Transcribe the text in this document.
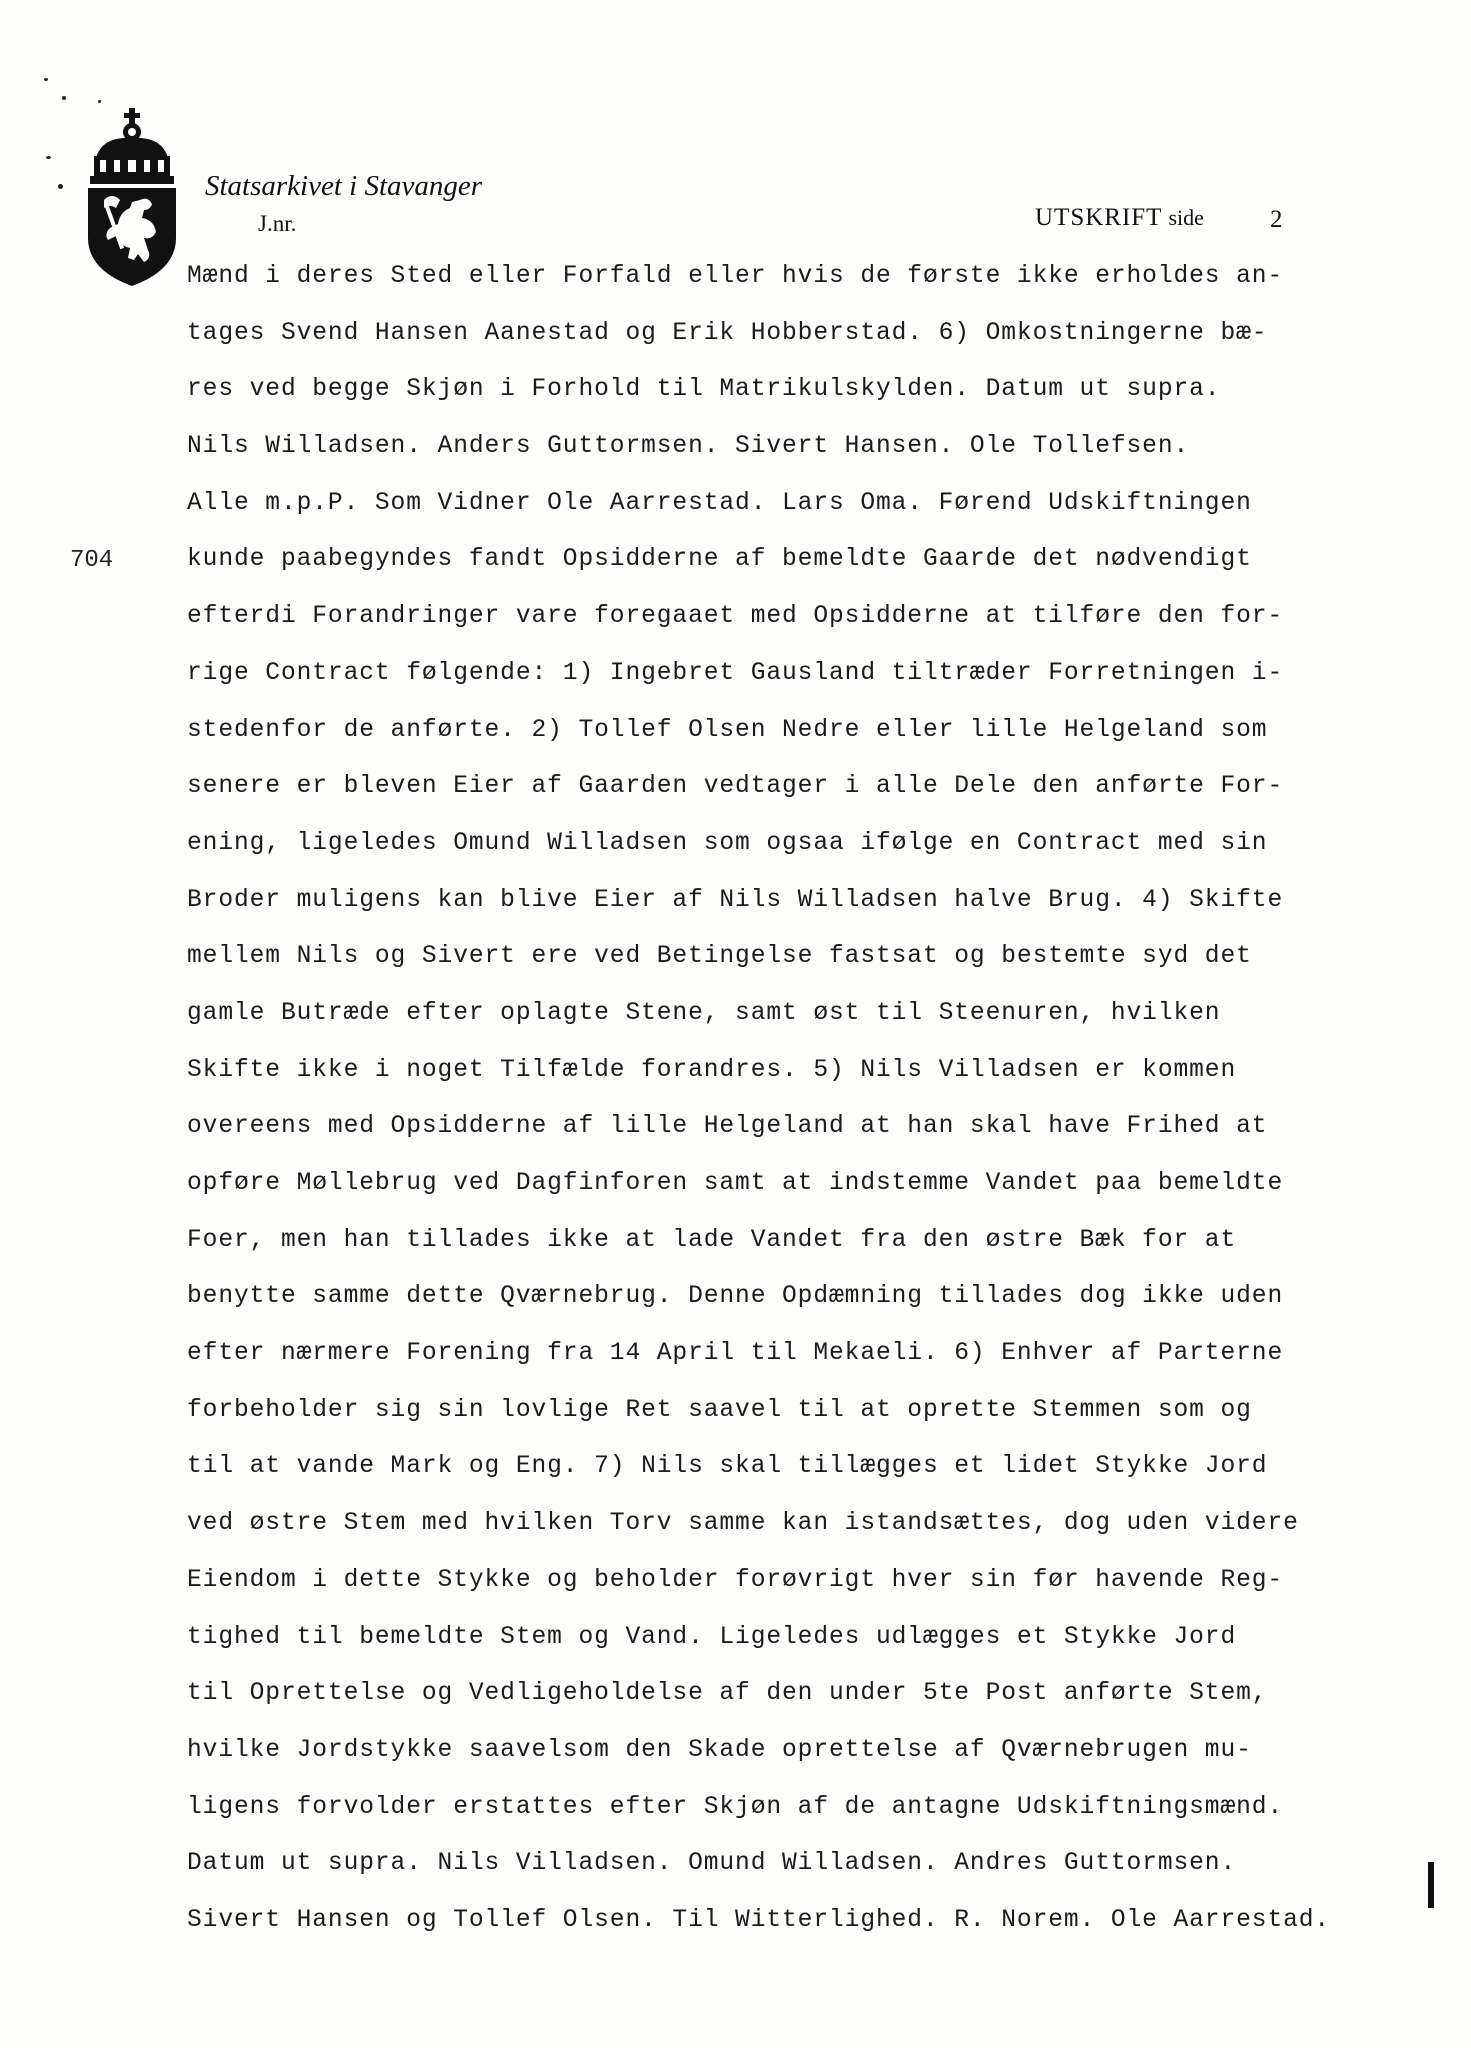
Statsarkivet i Stavanger
J.nr.	UTSKRIFT side	2
704
Mænd i deres Sted eller Forfald eller hvis de første ikke erholdes an-
tages Svend Hansen Aanestad og Erik Hobberstad. 6) Omkostningerne bæ-
res ved begge Skjøn i Forhold til Matrikulskylden. Datum ut supra.
Nils Willadsen. Anders Guttormsen. Sivert Hansen. Ole Tollefsen.
Alle m.p.P. Som Vidner Ole Aarrestad. Lars Oma. Førend Udskiftningen
kunde paabegyndes fandt Opsidderne af bemeldte Gaarde det nødvendigt
efterdi Forandringer vare foregaaet med Opsidderne at tilføre den for-
rige Contract følgende: 1) Ingebret Gausland tiltræder Forretningen i-
stedenfor de anførte. 2) Tollef Olsen Nedre eller lille Helgeland som
senere er bleven Eier af Gaarden vedtager i alle Dele den anførte For-
ening, ligeledes Omund Willadsen som ogsaa ifølge en Contract med sin
Broder muligens kan blive Eier af Nils Willadsen halve Brug. 4) Skifte
mellem Nils og Sivert ere ved Betingelse fastsat og bestemte syd det
gamle Butræde efter oplagte Stene, samt øst til Steenuren, hvilken
Skifte ikke i noget Tilfælde forandres. 5) Nils Villadsen er kommen
overeens med Opsidderne af lille Helgeland at han skal have Frihed at
opføre Møllebrug ved Dagfinforen samt at indstemme Vandet paa bemeldte
Foer, men han tillades ikke at lade Vandet fra den østre Bæk for at
benytte samme dette Qværnebrug. Denne Opdæmning tillades dog ikke uden
efter nærmere Forening fra 14 April til Mekaeli. 6) Enhver af Parterne
forbeholder sig sin lovlige Ret saavel til at oprette Stemmen som og
til at vande Mark og Eng. 7) Nils skal tillægges et lidet Stykke Jord
ved østre Stem med hvilken Torv samme kan istandsættes, dog uden videre
Eiendom i dette Stykke og beholder forøvrigt hver sin før havende Reg-
tighed til bemeldte Stem og Vand. Ligeledes udlægges et Stykke Jord
til Oprettelse og Vedligeholdelse af den under 5te Post anførte Stem,
hvilke Jordstykke saavelsom den Skade oprettelse af Qværnebrugen mu-
ligens forvolder erstattes efter Skjøn af de antagne Udskiftningsmænd.
Datum ut supra. Nils Villadsen. Omund Willadsen. Andres Guttormsen.
Sivert Hansen og Tollef Olsen. Til Witterlighed. R. Norem. Ole Aarrestad.
